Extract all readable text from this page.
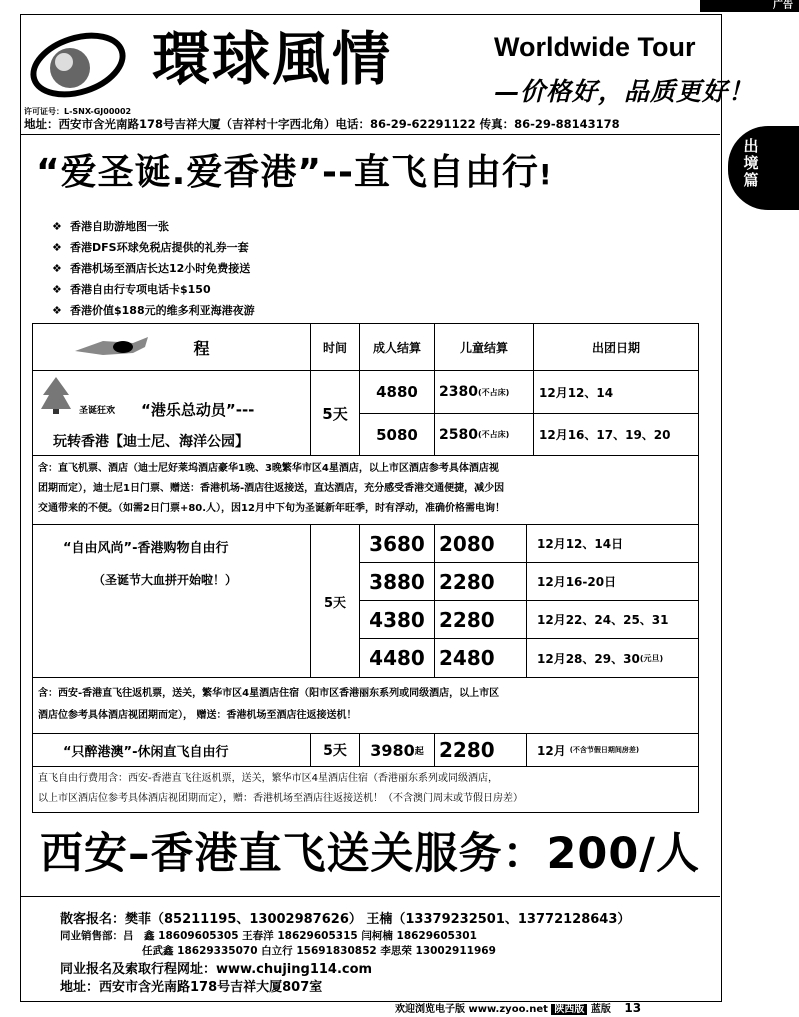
广告
出境篇
環球風情	Worldwide Tour
—价格好，品质更好！
许可证号：L-SNX-GJ00002
地址：西安市含光南路178号吉祥大厦（吉祥村十字西北角）电话：86-29-62291122 传真：86-29-88143178
“爱圣诞.爱香港”--直飞自由行!
❖ 香港自助游地图一张
❖ 香港DFS环球免税店提供的礼券一套
❖ 香港机场至酒店长达12小时免费接送
❖ 香港自由行专项电话卡$150
❖ 香港价值$188元的维多利亚海港夜游
程	时间	成人结算	儿童结算	出团日期
圣诞狂欢 “港乐总动员”---
玩转香港【迪士尼、海洋公园】
5天
4880	2380 (不占床)	12月12、14
5080	2580 (不占床)	12月16、17、19、20
含：直飞机票、酒店（迪士尼好莱坞酒店豪华1晚、3晚繁华市区4星酒店，以上市区酒店参考具体酒店视
团期而定），迪士尼1日门票、赠送：香港机场-酒店往返接送，直达酒店，充分感受香港交通便捷，减少因
交通带来的不便。（如需2日门票+80.人），因12月中下旬为圣诞新年旺季，时有浮动，准确价格需电询！
“自由风尚”-香港购物自由行
（圣诞节大血拼开始啦！）
5天
3680 2080	12月12、14日
3880 2280	12月16-20日
4380 2280	12月22、24、25、31
4480 2480	12月28、29、30 (元旦)
含：西安-香港直飞往返机票，送关，繁华市区4星酒店住宿（阳市区香港丽东系列或同级酒店，以上市区
酒店位参考具体酒店视团期而定）， 赠送：香港机场至酒店往返接送机！
“只醉港澳”-休闲直飞自由行	5天	3980 起 2280	12月 (不含节假日期间房差)
直飞自由行费用含：西安-香港直飞往返机票，送关，繁华市区4星酒店住宿（香港丽东系列或同级酒店，
以上市区酒店位参考具体酒店视团期而定），赠：香港机场至酒店往返接送机！（不含澳门周末或节假日房差）
西安–香港直飞送关服务：200/人
散客报名：樊菲（85211195、13002987626） 王楠（13379232501、13772128643）
同业销售部：吕　鑫 18609605305 王春洋 18629605315 闫柯楠 18629605301
任武鑫 18629335070 白立行 15691830852 李思荣 13002911969
同业报名及索取行程网址：www.chujing114.com
地址：西安市含光南路178号吉祥大厦807室
欢迎浏览电子版 www.zyoo.net 陕西版 蓝版 13
